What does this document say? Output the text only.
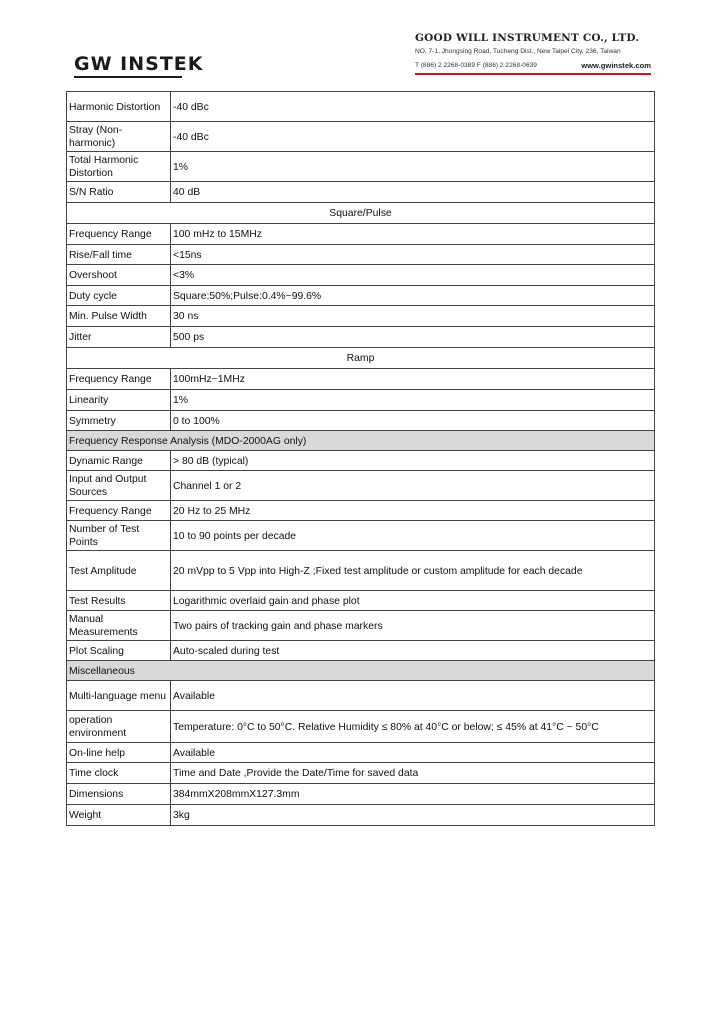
GW INSTEK
GOOD WILL INSTRUMENT CO., LTD.
NO. 7-1, Jhongsing Road, Tucheng Dist., New Taipei City, 236, Taiwan
T (886) 2 2268-0389 F (886) 2 2268-0639	www.gwinstek.com
Harmonic Distortion	-40 dBc
Stray (Non-harmonic)	-40 dBc
Total Harmonic Distortion	1%
S/N Ratio	40 dB
Square/Pulse	
Frequency Range	100 mHz to 15MHz
Rise/Fall time	<15ns
Overshoot	<3%
Duty cycle	Square:50%;Pulse:0.4%~99.6%
Min. Pulse Width	30 ns
Jitter	500 ps
Ramp	
Frequency Range	100mHz~1MHz
Linearity	1%
Symmetry	0 to 100%
Frequency Response Analysis (MDO-2000AG only)	
Dynamic Range	> 80 dB (typical)
Input and Output Sources	Channel 1 or 2
Frequency Range	20 Hz to 25 MHz
Number of Test Points	10 to 90 points per decade
Test Amplitude	20 mVpp to 5 Vpp into High-Z ;Fixed test amplitude or custom amplitude for each decade
Test Results	Logarithmic overlaid gain and phase plot
Manual Measurements	Two pairs of tracking gain and phase markers
Plot Scaling	Auto-scaled during test
Miscellaneous	
Multi-language menu	Available
operation environment	Temperature: 0°C to 50°C. Relative Humidity ≤ 80% at 40°C or below; ≤ 45% at 41°C ~ 50°C
On-line help	Available
Time clock	Time and Date ,Provide the Date/Time for saved data
Dimensions	384mmX208mmX127.3mm
Weight	3kg
